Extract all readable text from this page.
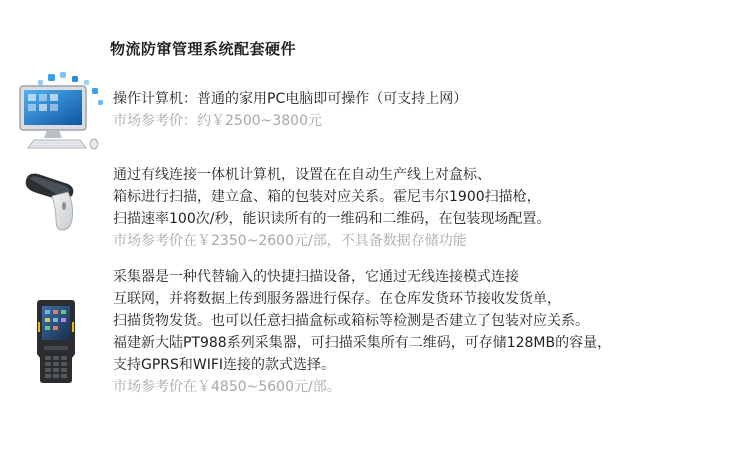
物流防窜管理系统配套硬件
操作计算机：普通的家用PC电脑即可操作（可支持上网）
市场参考价：约￥2500~3800元
通过有线连接一体机计算机，设置在在自动生产线上对盒标、
箱标进行扫描，建立盒、箱的包装对应关系。霍尼韦尔1900扫描枪，
扫描速率100次/秒，能识读所有的一维码和二维码，在包装现场配置。
市场参考价在￥2350~2600元/部，不具备数据存储功能
采集器是一种代替输入的快捷扫描设备，它通过无线连接模式连接
互联网，并将数据上传到服务器进行保存。在仓库发货环节接收发货单，
扫描货物发货。也可以任意扫描盒标或箱标等检测是否建立了包装对应关系。
福建新大陆PT988系列采集器，可扫描采集所有二维码，可存储128MB的容量，
支持GPRS和WIFI连接的款式选择。
市场参考价在￥4850~5600元/部。
